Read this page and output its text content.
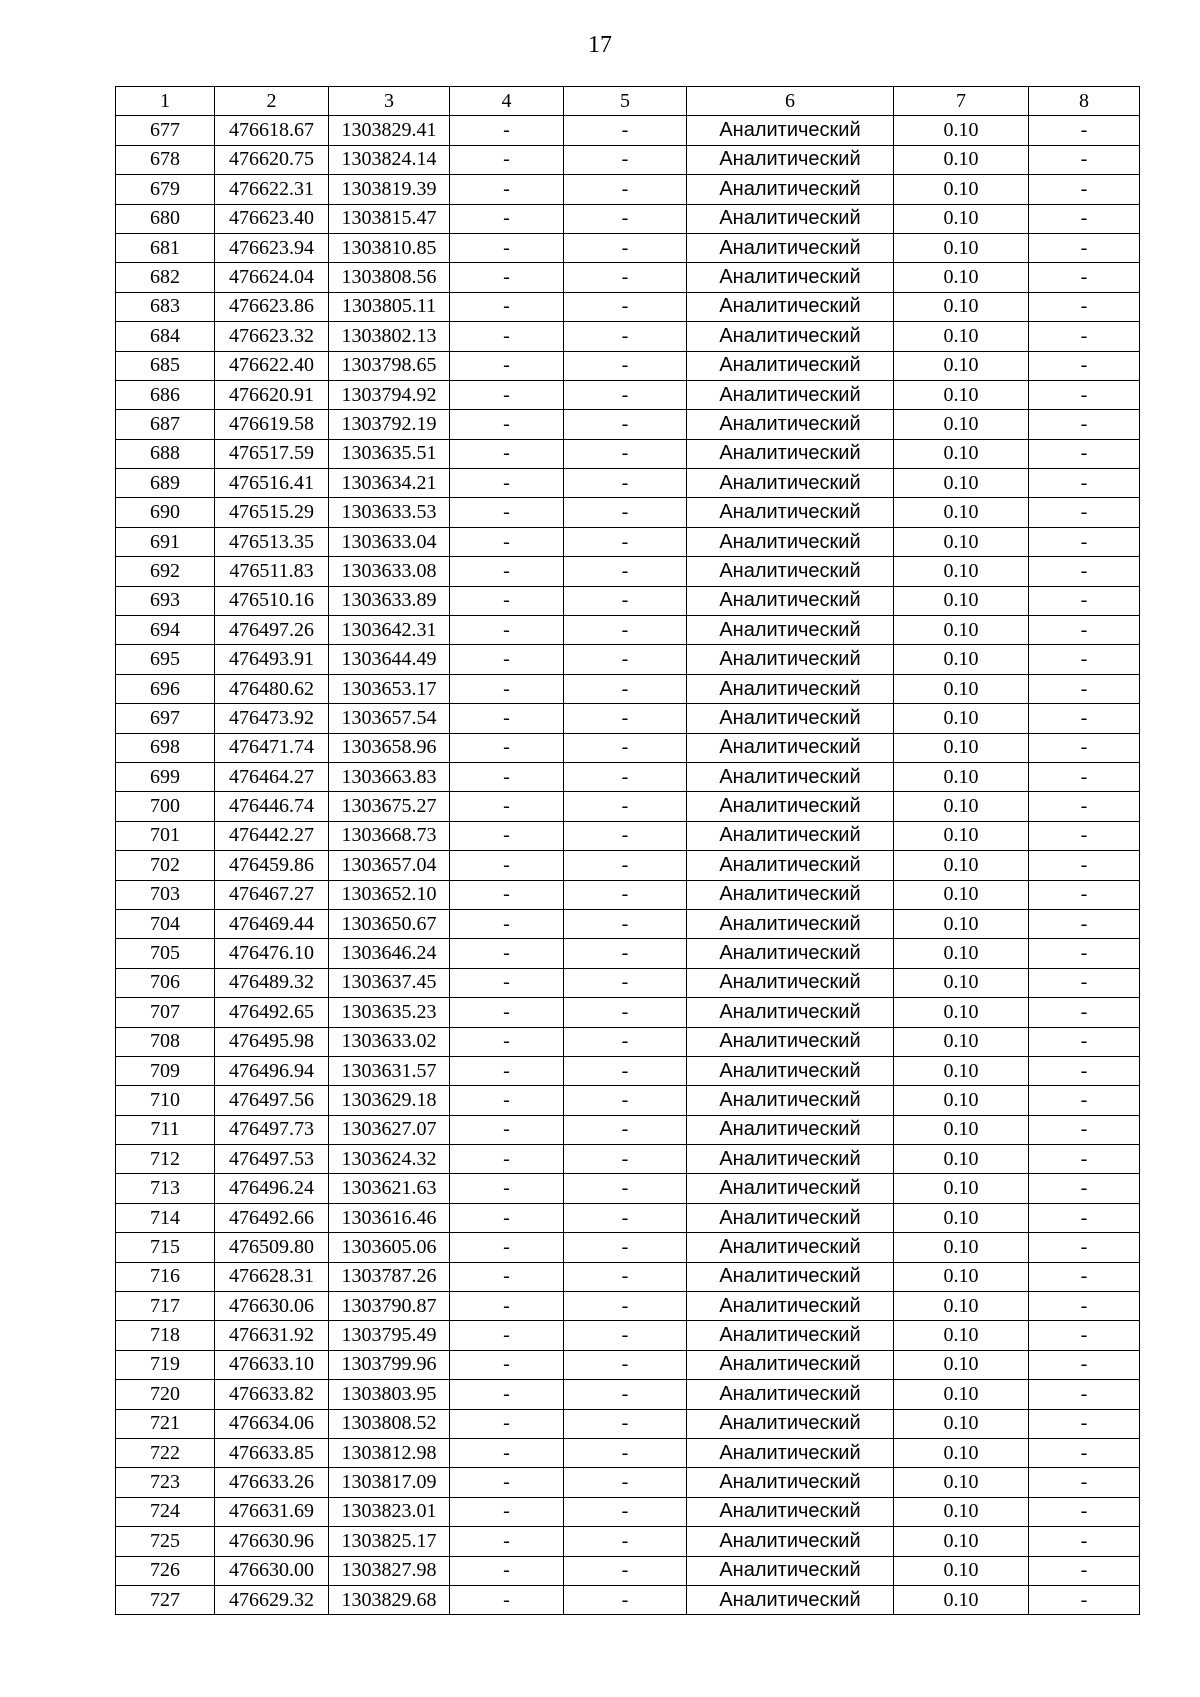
17
1	2	3	4	5	6	7	8
677	476618.67	1303829.41	-	-	Аналитический	0.10	-
678	476620.75	1303824.14	-	-	Аналитический	0.10	-
679	476622.31	1303819.39	-	-	Аналитический	0.10	-
680	476623.40	1303815.47	-	-	Аналитический	0.10	-
681	476623.94	1303810.85	-	-	Аналитический	0.10	-
682	476624.04	1303808.56	-	-	Аналитический	0.10	-
683	476623.86	1303805.11	-	-	Аналитический	0.10	-
684	476623.32	1303802.13	-	-	Аналитический	0.10	-
685	476622.40	1303798.65	-	-	Аналитический	0.10	-
686	476620.91	1303794.92	-	-	Аналитический	0.10	-
687	476619.58	1303792.19	-	-	Аналитический	0.10	-
688	476517.59	1303635.51	-	-	Аналитический	0.10	-
689	476516.41	1303634.21	-	-	Аналитический	0.10	-
690	476515.29	1303633.53	-	-	Аналитический	0.10	-
691	476513.35	1303633.04	-	-	Аналитический	0.10	-
692	476511.83	1303633.08	-	-	Аналитический	0.10	-
693	476510.16	1303633.89	-	-	Аналитический	0.10	-
694	476497.26	1303642.31	-	-	Аналитический	0.10	-
695	476493.91	1303644.49	-	-	Аналитический	0.10	-
696	476480.62	1303653.17	-	-	Аналитический	0.10	-
697	476473.92	1303657.54	-	-	Аналитический	0.10	-
698	476471.74	1303658.96	-	-	Аналитический	0.10	-
699	476464.27	1303663.83	-	-	Аналитический	0.10	-
700	476446.74	1303675.27	-	-	Аналитический	0.10	-
701	476442.27	1303668.73	-	-	Аналитический	0.10	-
702	476459.86	1303657.04	-	-	Аналитический	0.10	-
703	476467.27	1303652.10	-	-	Аналитический	0.10	-
704	476469.44	1303650.67	-	-	Аналитический	0.10	-
705	476476.10	1303646.24	-	-	Аналитический	0.10	-
706	476489.32	1303637.45	-	-	Аналитический	0.10	-
707	476492.65	1303635.23	-	-	Аналитический	0.10	-
708	476495.98	1303633.02	-	-	Аналитический	0.10	-
709	476496.94	1303631.57	-	-	Аналитический	0.10	-
710	476497.56	1303629.18	-	-	Аналитический	0.10	-
711	476497.73	1303627.07	-	-	Аналитический	0.10	-
712	476497.53	1303624.32	-	-	Аналитический	0.10	-
713	476496.24	1303621.63	-	-	Аналитический	0.10	-
714	476492.66	1303616.46	-	-	Аналитический	0.10	-
715	476509.80	1303605.06	-	-	Аналитический	0.10	-
716	476628.31	1303787.26	-	-	Аналитический	0.10	-
717	476630.06	1303790.87	-	-	Аналитический	0.10	-
718	476631.92	1303795.49	-	-	Аналитический	0.10	-
719	476633.10	1303799.96	-	-	Аналитический	0.10	-
720	476633.82	1303803.95	-	-	Аналитический	0.10	-
721	476634.06	1303808.52	-	-	Аналитический	0.10	-
722	476633.85	1303812.98	-	-	Аналитический	0.10	-
723	476633.26	1303817.09	-	-	Аналитический	0.10	-
724	476631.69	1303823.01	-	-	Аналитический	0.10	-
725	476630.96	1303825.17	-	-	Аналитический	0.10	-
726	476630.00	1303827.98	-	-	Аналитический	0.10	-
727	476629.32	1303829.68	-	-	Аналитический	0.10	-
